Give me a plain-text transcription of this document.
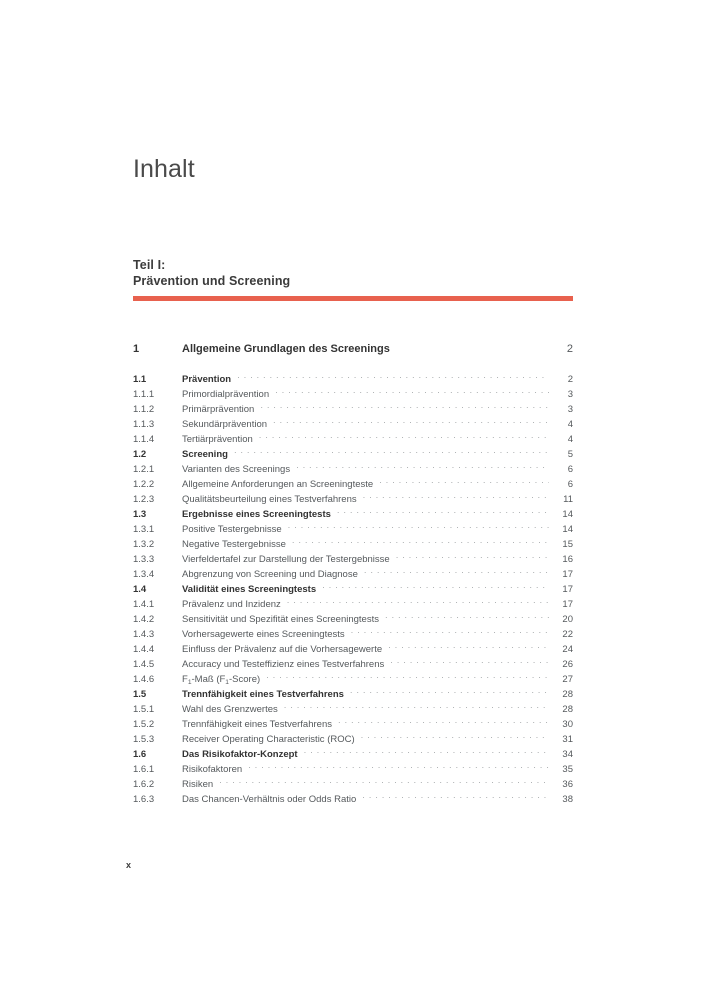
Inhalt
Teil I:
Prävention und Screening
1	Allgemeine Grundlagen des Screenings . . .	2
1.1	Prävention . . .	2
1.1.1	Primordialprävention . . .	3
1.1.2	Primärprävention . . .	3
1.1.3	Sekundärprävention . . .	4
1.1.4	Tertiärprävention . . .	4
1.2	Screening . . .	5
1.2.1	Varianten des Screenings . . .	6
1.2.2	Allgemeine Anforderungen an Screeningteste . . .	6
1.2.3	Qualitätsbeurteilung eines Testverfahrens . . .	11
1.3	Ergebnisse eines Screeningtests . . .	14
1.3.1	Positive Testergebnisse . . .	14
1.3.2	Negative Testergebnisse . . .	15
1.3.3	Vierfeldertafel zur Darstellung der Testergebnisse . . .	16
1.3.4	Abgrenzung von Screening und Diagnose . . .	17
1.4	Validität eines Screeningtests . . .	17
1.4.1	Prävalenz und Inzidenz . . .	17
1.4.2	Sensitivität und Spezifität eines Screeningtests . . .	20
1.4.3	Vorhersagewerte eines Screeningtests . . .	22
1.4.4	Einfluss der Prävalenz auf die Vorhersagewerte . . .	24
1.4.5	Accuracy und Testeffizienz eines Testverfahrens . . .	26
1.4.6	$F_1$-Maß $(F_1-Score)$ . . .	27
1.5	Trennfähigkeit eines Testverfahrens . . .	28
1.5.1	Wahl des Grenzwertes . . .	28
1.5.2	Trennfähigkeit eines Testverfahrens . . .	30
1.5.3	Receiver Operating Characteristic (ROC) . . .	31
1.6	Das Risikofaktor-Konzept . . .	34
1.6.1	Risikofaktoren . . .	35
1.6.2	Risiken . . .	36
1.6.3	Das Chancen-Verhältnis oder Odds Ratio . . .	38
x
